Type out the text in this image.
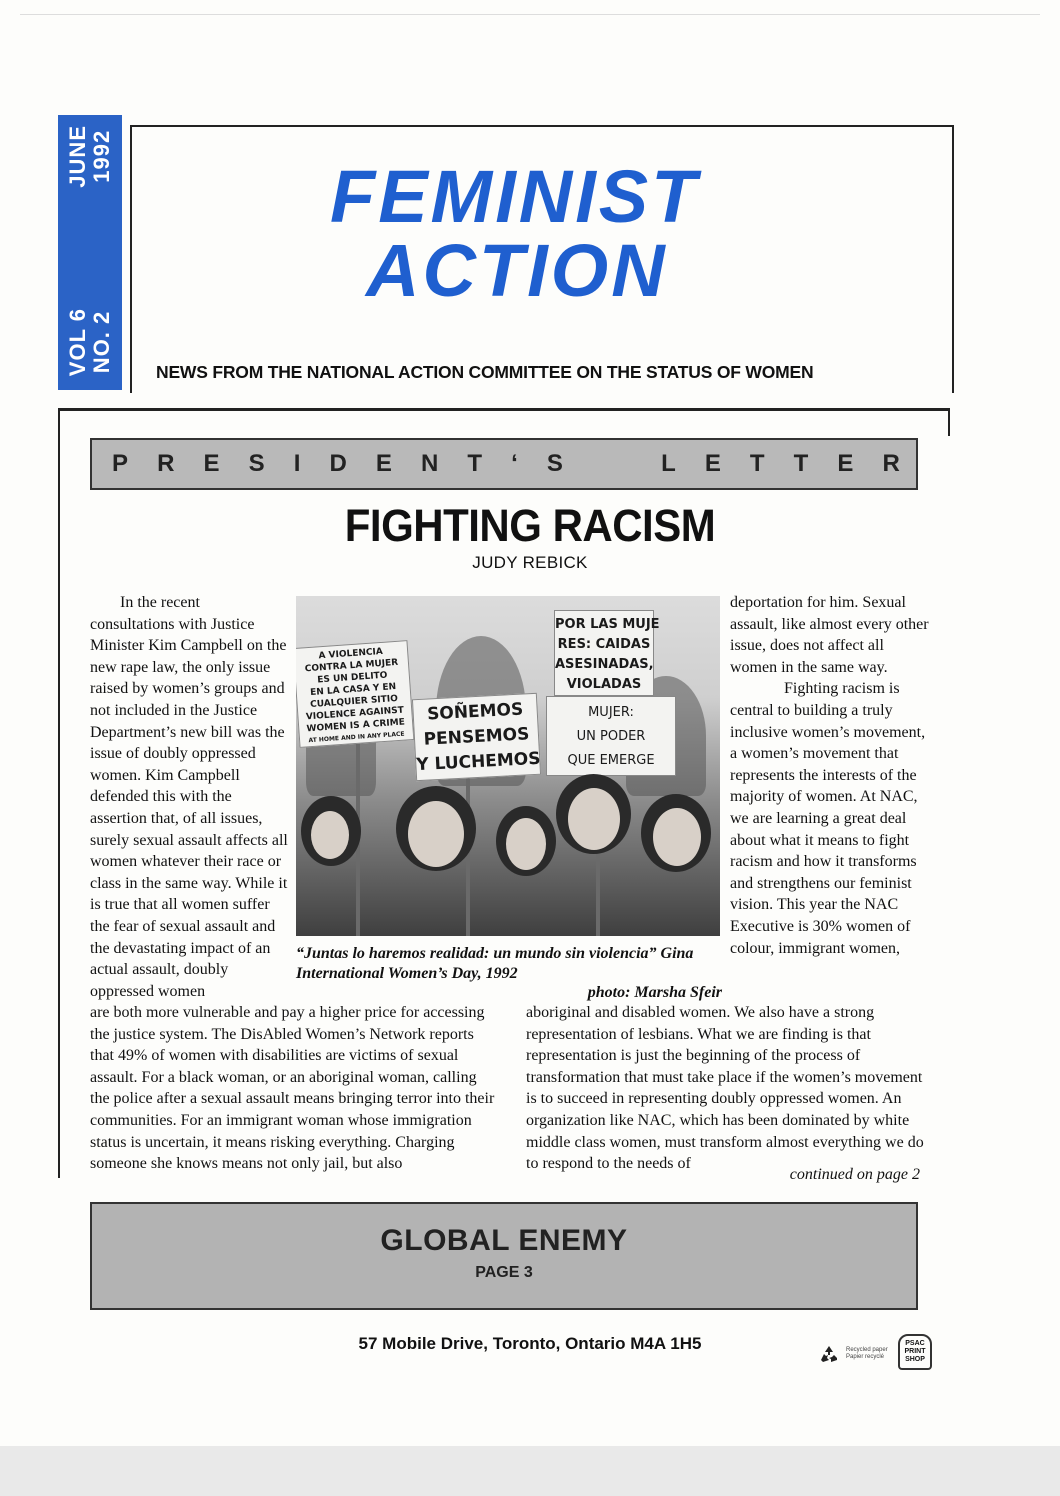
JUNE 1992
VOL 6 NO. 2
FEMINIST
ACTION
NEWS FROM THE NATIONAL ACTION COMMITTEE ON THE STATUS OF WOMEN
P R E S I D E N T ‘ S	L E T T E R
FIGHTING RACISM
JUDY REBICK
In the recent consultations with Justice Minister Kim Campbell on the new rape law, the only issue raised by women’s groups and not included in the Justice Department’s new bill was the issue of doubly oppressed women. Kim Campbell defended this with the assertion that, of all issues, surely sexual assault affects all women whatever their race or class in the same way. While it is true that all women suffer the fear of sexual assault and the devastating impact of an actual assault, doubly oppressed women
deportation for him. Sexual assault, like almost every other issue, does not affect all women in the same way.
Fighting racism is central to building a truly inclusive women’s movement, a women’s movement that represents the interests of the majority of women. At NAC, we are learning a great deal about what it means to fight racism and how it transforms and strengthens our feminist vision. This year the NAC Executive is 30% women of colour, immigrant women,
A VIOLENCIA
CONTRA LA MUJER
ES UN DELITO
EN LA CASA Y EN
CUALQUIER SITIO
VIOLENCE AGAINST
WOMEN IS A CRIME
AT HOME AND IN ANY PLACE
SOÑEMOS
PENSEMOS
Y LUCHEMOS
POR LAS MUJE
RES: CAIDAS
ASESINADAS,
VIOLADAS
MUJER:
UN PODER
QUE EMERGE
“Juntas lo haremos realidad: un mundo sin violencia” Gina International Women’s Day, 1992
photo: Marsha Sfeir
are both more vulnerable and pay a higher price for accessing the justice system. The DisAbled Women’s Network reports that 49% of women with disabilities are victims of sexual assault. For a black woman, or an aboriginal woman, calling the police after a sexual assault means bringing terror into their communities. For an immigrant woman whose immigration status is uncertain, it means risking everything. Charging someone she knows means not only jail, but also
aboriginal and disabled women. We also have a strong representation of lesbians. What we are finding is that representation is just the beginning of the process of transformation that must take place if the women’s movement is to succeed in representing doubly oppressed women. An organization like NAC, which has been dominated by white middle class women, must transform almost everything we do to respond to the needs of
continued on page 2
GLOBAL ENEMY
PAGE 3
57 Mobile Drive, Toronto, Ontario M4A 1H5	Recycled paper Papier recyclé
PSAC
PRINT
SHOP
